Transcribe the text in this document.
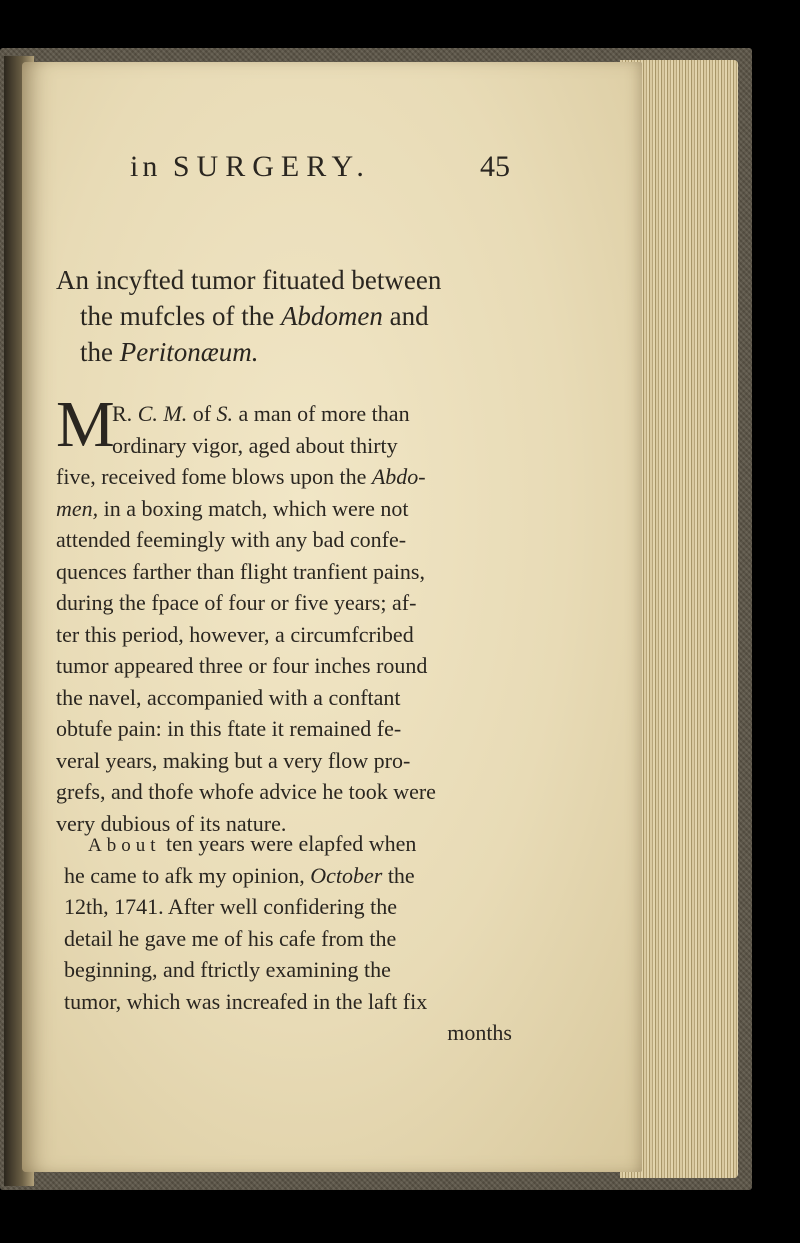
in SURGERY.	45
An incyfted tumor fituated between
the mufcles of the Abdomen and
the Peritonæum.
M
R. C. M. of S. a man of more than
ordinary vigor, aged about thirty
five, received fome blows upon the Abdo-
men, in a boxing match, which were not
attended feemingly with any bad confe-
quences farther than flight tranfient pains,
during the fpace of four or five years; af-
ter this period, however, a circumfcribed
tumor appeared three or four inches round
the navel, accompanied with a conftant
obtufe pain: in this ftate it remained fe-
veral years, making but a very flow pro-
grefs, and thofe whofe advice he took were
very dubious of its nature.
About ten years were elapfed when
he came to afk my opinion, October the
12th, 1741. After well confidering the
detail he gave me of his cafe from the
beginning, and ftrictly examining the
tumor, which was increafed in the laft fix
months
